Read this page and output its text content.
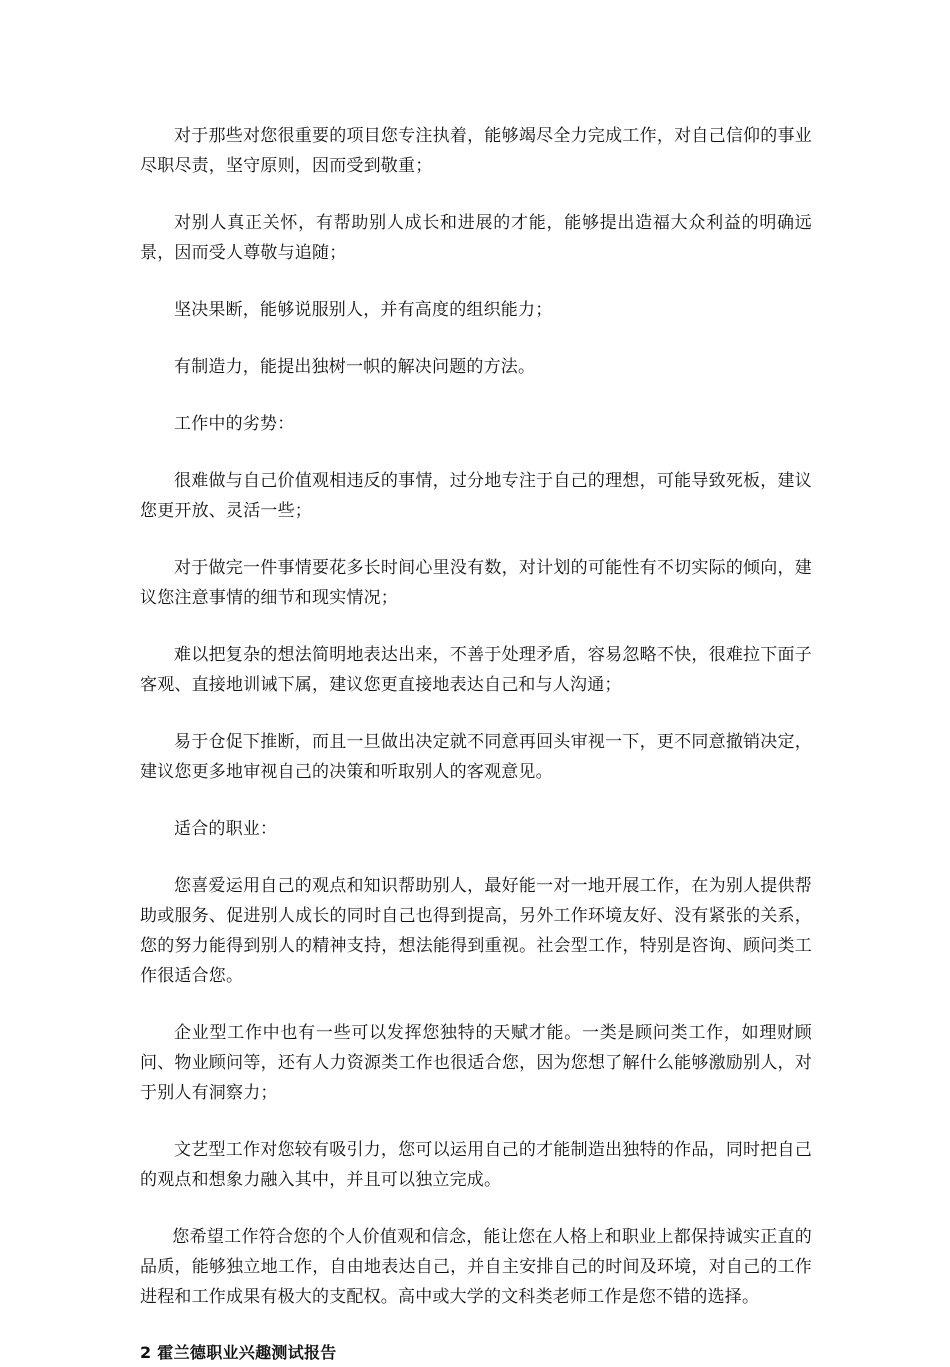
对于那些对您很重要的项目您专注执着，能够竭尽全力完成工作，对自己信仰的事业尽职尽责，坚守原则，因而受到敬重；

对别人真正关怀，有帮助别人成长和进展的才能，能够提出造福大众利益的明确远景，因而受人尊敬与追随；

坚决果断，能够说服别人，并有高度的组织能力；

有制造力，能提出独树一帜的解决问题的方法。

工作中的劣势：

很难做与自己价值观相违反的事情，过分地专注于自己的理想，可能导致死板，建议您更开放、灵活一些；

对于做完一件事情要花多长时间心里没有数，对计划的可能性有不切实际的倾向，建议您注意事情的细节和现实情况；

难以把复杂的想法简明地表达出来，不善于处理矛盾，容易忽略不快，很难拉下面子客观、直接地训诫下属，建议您更直接地表达自己和与人沟通；

易于仓促下推断，而且一旦做出决定就不同意再回头审视一下，更不同意撤销决定，建议您更多地审视自己的决策和听取别人的客观意见。

适合的职业：

您喜爱运用自己的观点和知识帮助别人，最好能一对一地开展工作，在为别人提供帮助或服务、促进别人成长的同时自己也得到提高，另外工作环境友好、没有紧张的关系，您的努力能得到别人的精神支持，想法能得到重视。社会型工作，特别是咨询、顾问类工作很适合您。

企业型工作中也有一些可以发挥您独特的天赋才能。一类是顾问类工作，如理财顾问、物业顾问等，还有人力资源类工作也很适合您，因为您想了解什么能够激励别人，对于别人有洞察力；

文艺型工作对您较有吸引力，您可以运用自己的才能制造出独特的作品，同时把自己的观点和想象力融入其中，并且可以独立完成。

您希望工作符合您的个人价值观和信念，能让您在人格上和职业上都保持诚实正直的品质，能够独立地工作，自由地表达自己，并自主安排自己的时间及环境，对自己的工作进程和工作成果有极大的支配权。高中或大学的文科类老师工作是您不错的选择。

2 霍兰德职业兴趣测试报告
